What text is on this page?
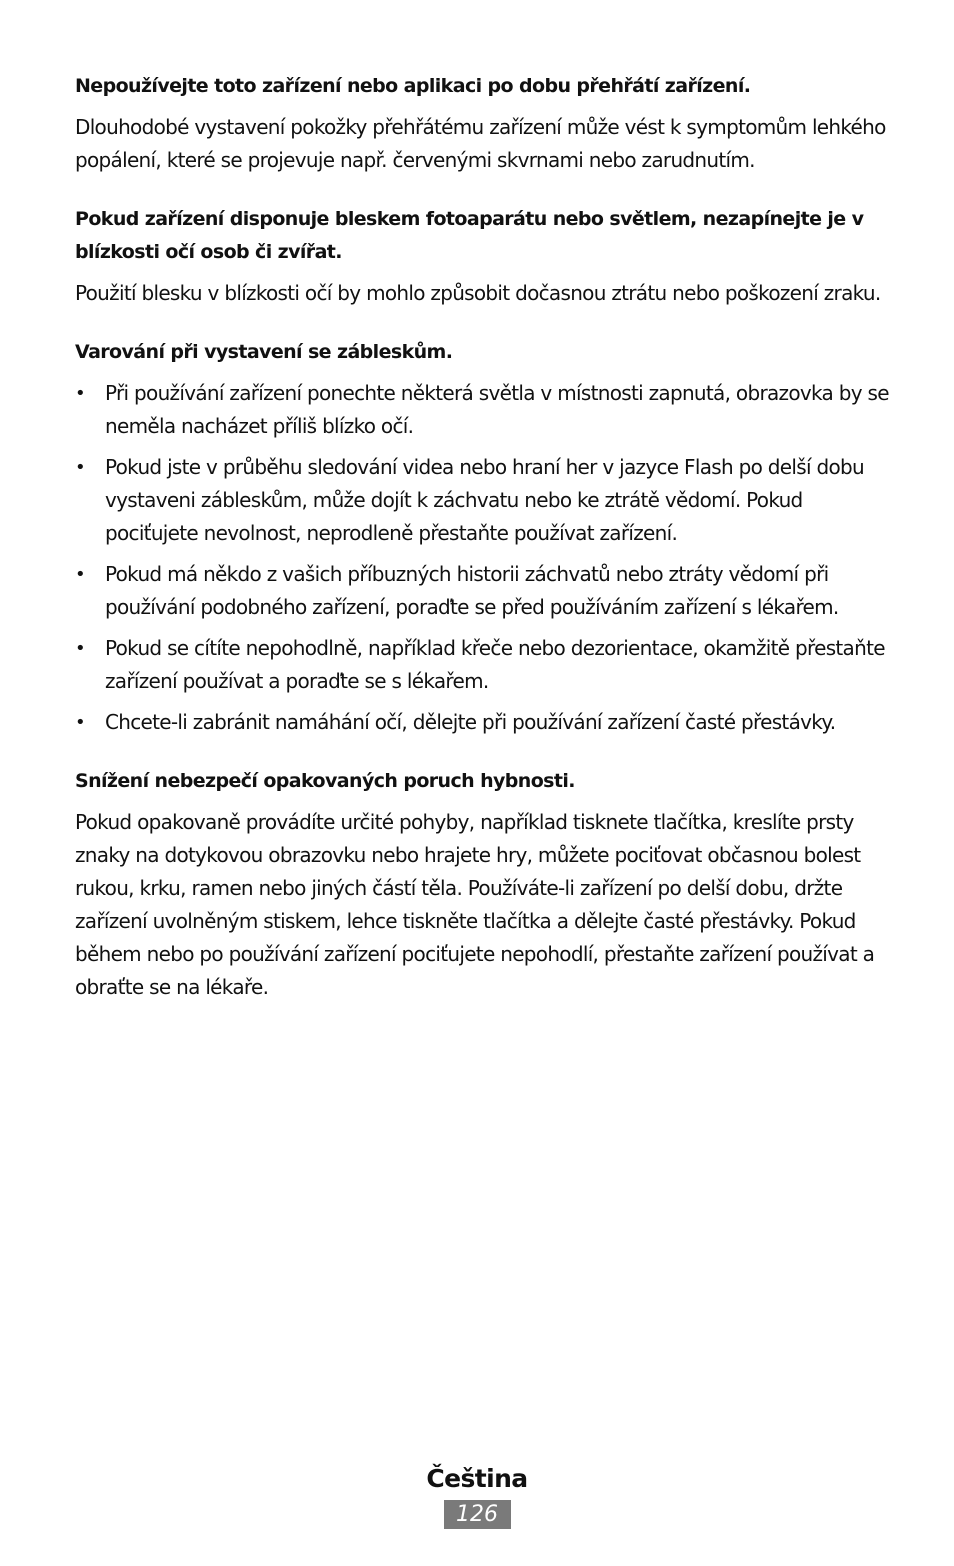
Nepoužívejte toto zařízení nebo aplikaci po dobu přehřátí zařízení.

Dlouhodobé vystavení pokožky přehřátému zařízení může vést k symptomům lehkého popálení, které se projevuje např. červenými skvrnami nebo zarudnutím.

Pokud zařízení disponuje bleskem fotoaparátu nebo světlem, nezapínejte je v blízkosti očí osob či zvířat.

Použití blesku v blízkosti očí by mohlo způsobit dočasnou ztrátu nebo poškození zraku.

Varování při vystavení se zábleskům.

•	Při používání zařízení ponechte některá světla v místnosti zapnutá, obrazovka by se neměla nacházet příliš blízko očí.
•	Pokud jste v průběhu sledování videa nebo hraní her v jazyce Flash po delší dobu vystaveni zábleskům, může dojít k záchvatu nebo ke ztrátě vědomí. Pokud pociťujete nevolnost, neprodleně přestaňte používat zařízení.
•	Pokud má někdo z vašich příbuzných historii záchvatů nebo ztráty vědomí při používání podobného zařízení, poraďte se před používáním zařízení s lékařem.
•	Pokud se cítíte nepohodlně, například křeče nebo dezorientace, okamžitě přestaňte zařízení používat a poraďte se s lékařem.
•	Chcete-li zabránit namáhání očí, dělejte při používání zařízení časté přestávky.

Snížení nebezpečí opakovaných poruch hybnosti.

Pokud opakovaně provádíte určité pohyby, například tisknete tlačítka, kreslíte prsty znaky na dotykovou obrazovku nebo hrajete hry, můžete pociťovat občasnou bolest rukou, krku, ramen nebo jiných částí těla. Používáte-li zařízení po delší dobu, držte zařízení uvolněným stiskem, lehce tiskněte tlačítka a dělejte časté přestávky. Pokud během nebo po používání zařízení pociťujete nepohodlí, přestaňte zařízení používat a obraťte se na lékaře.

Čeština
126
